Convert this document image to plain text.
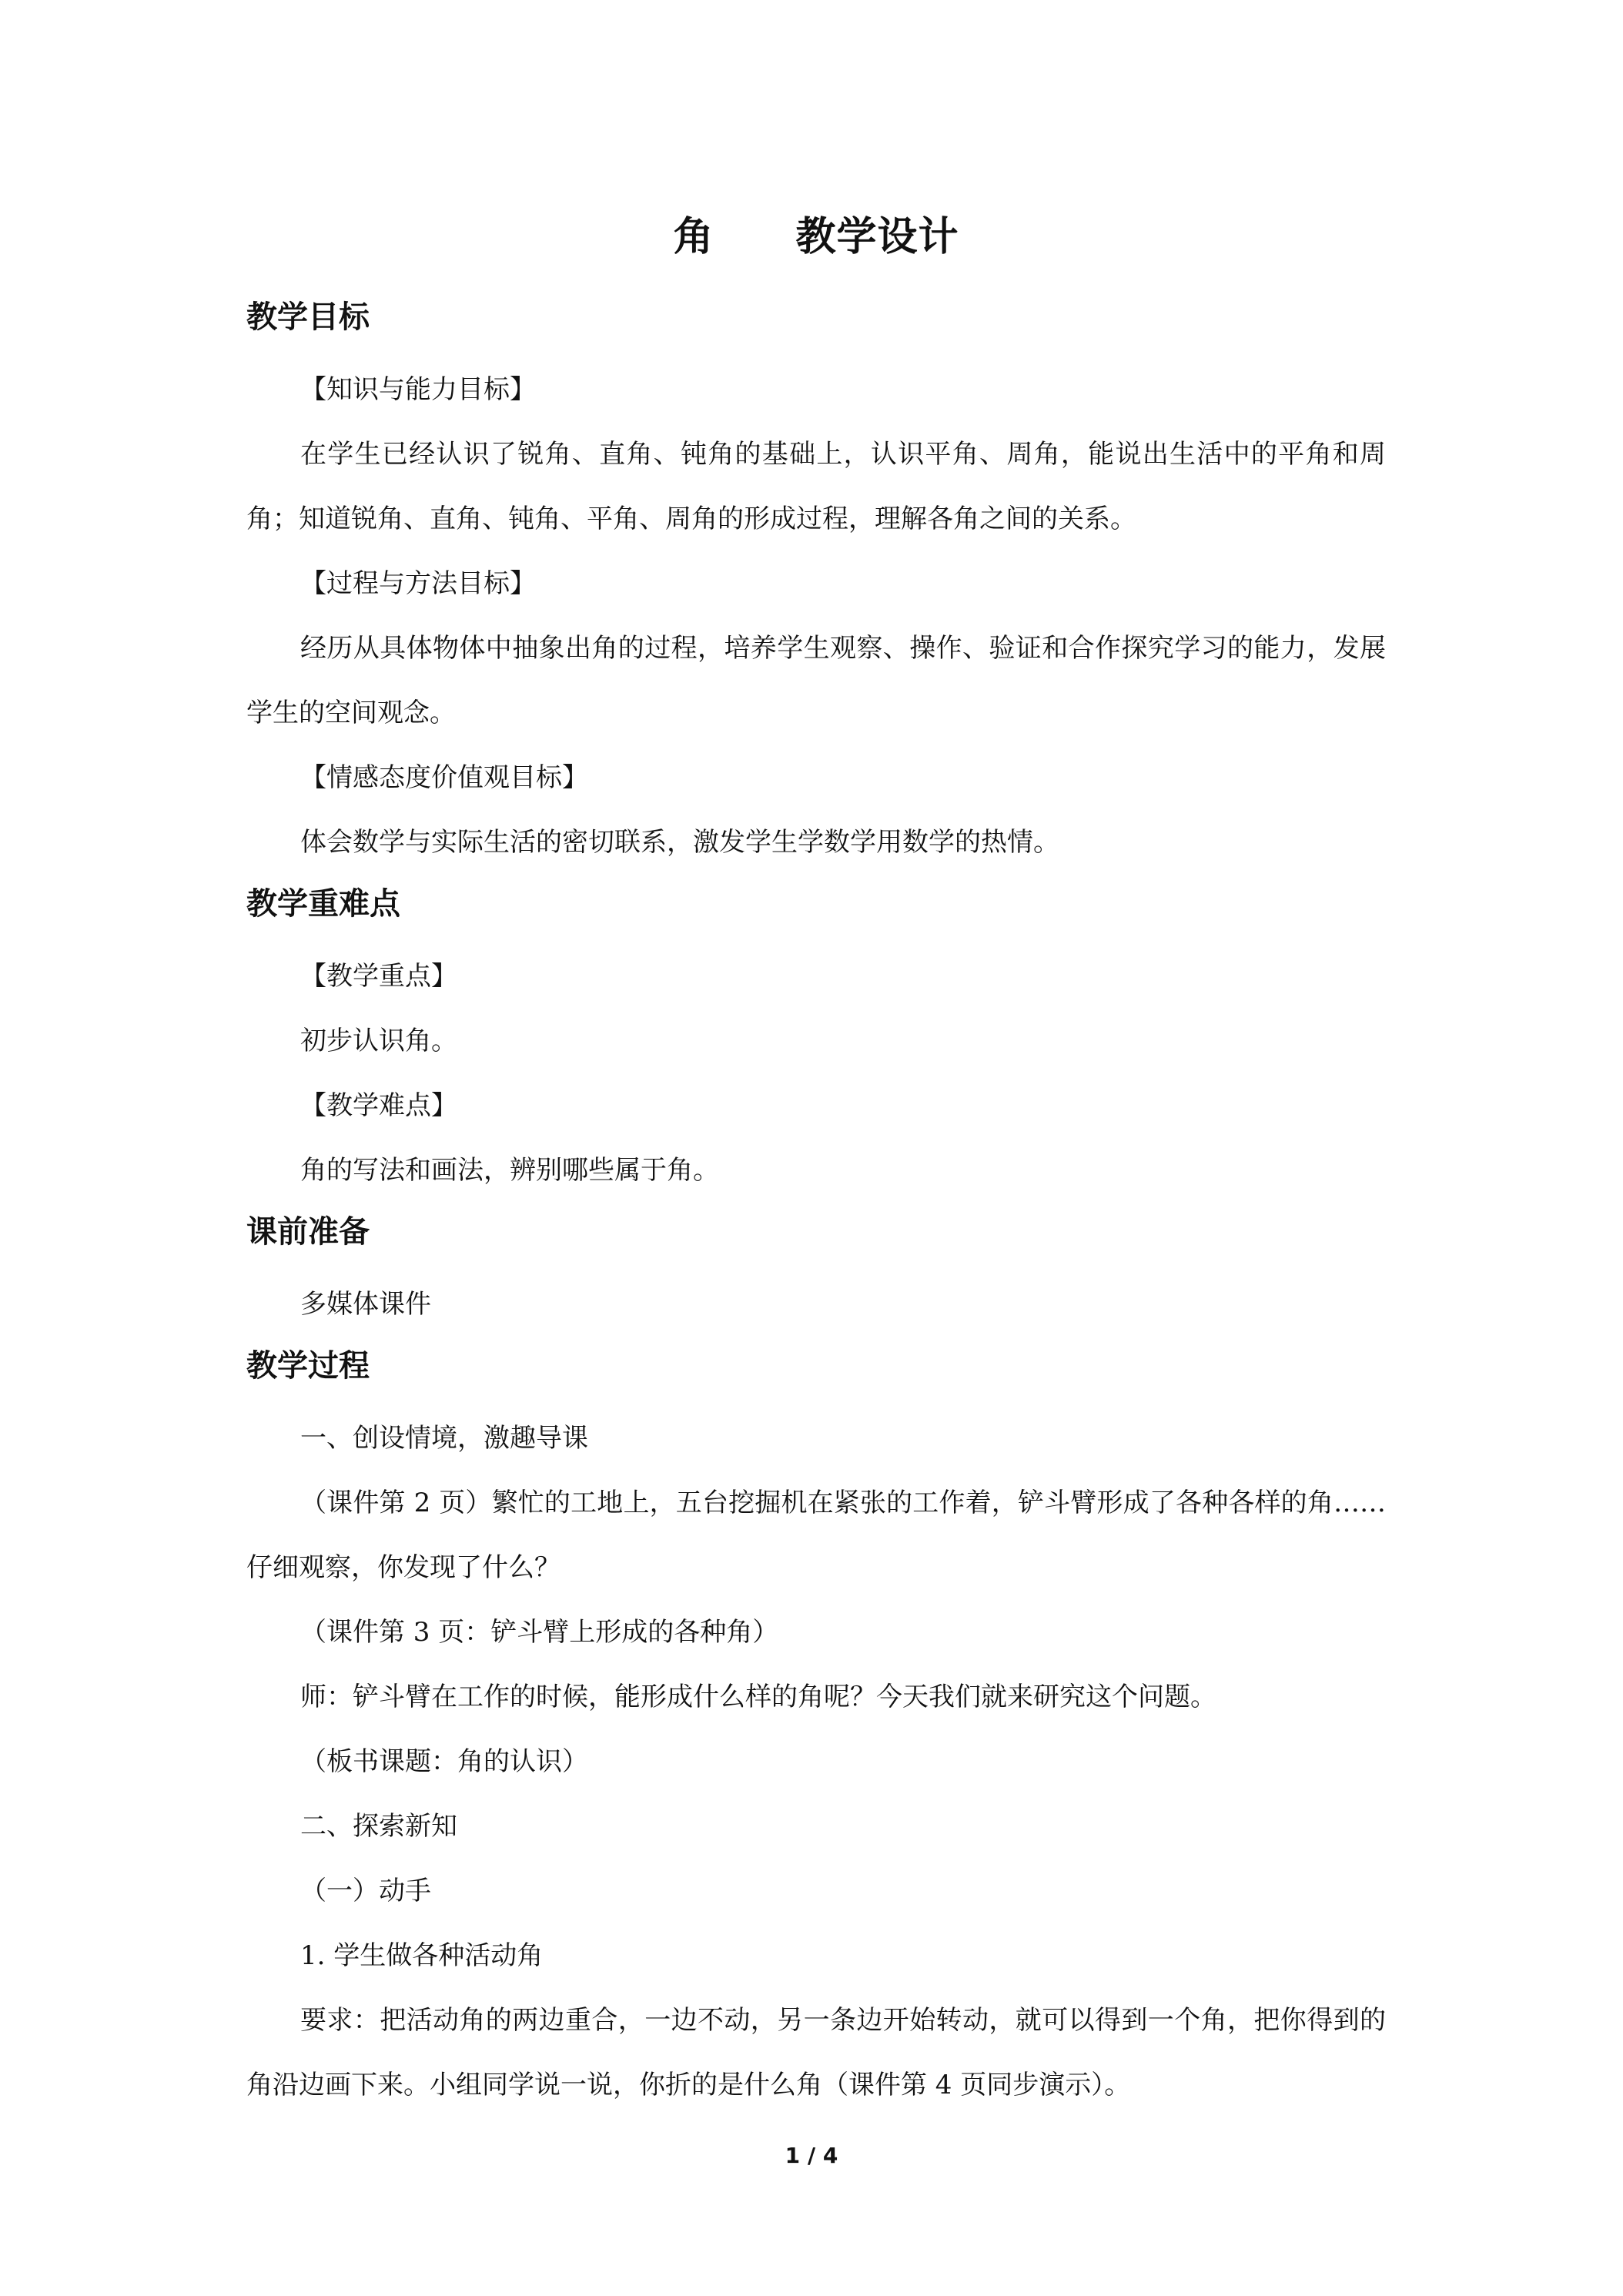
角　　教学设计
教学目标

【知识与能力目标】

在学生已经认识了锐角、直角、钝角的基础上，认识平角、周角，能说出生活中的平角和周角；知道锐角、直角、钝角、平角、周角的形成过程，理解各角之间的关系。

【过程与方法目标】

经历从具体物体中抽象出角的过程，培养学生观察、操作、验证和合作探究学习的能力，发展学生的空间观念。

【情感态度价值观目标】

体会数学与实际生活的密切联系，激发学生学数学用数学的热情。

教学重难点

【教学重点】

初步认识角。

【教学难点】

角的写法和画法，辨别哪些属于角。

课前准备

多媒体课件

教学过程

一、创设情境，激趣导课

（课件第 2 页）繁忙的工地上，五台挖掘机在紧张的工作着，铲斗臂形成了各种各样的角……仔细观察，你发现了什么？

（课件第 3 页：铲斗臂上形成的各种角）

师：铲斗臂在工作的时候，能形成什么样的角呢？今天我们就来研究这个问题。

（板书课题：角的认识）

二、探索新知

（一）动手

1. 学生做各种活动角

要求：把活动角的两边重合，一边不动，另一条边开始转动，就可以得到一个角，把你得到的角沿边画下来。小组同学说一说，你折的是什么角（课件第 4 页同步演示）。

1 / 4
